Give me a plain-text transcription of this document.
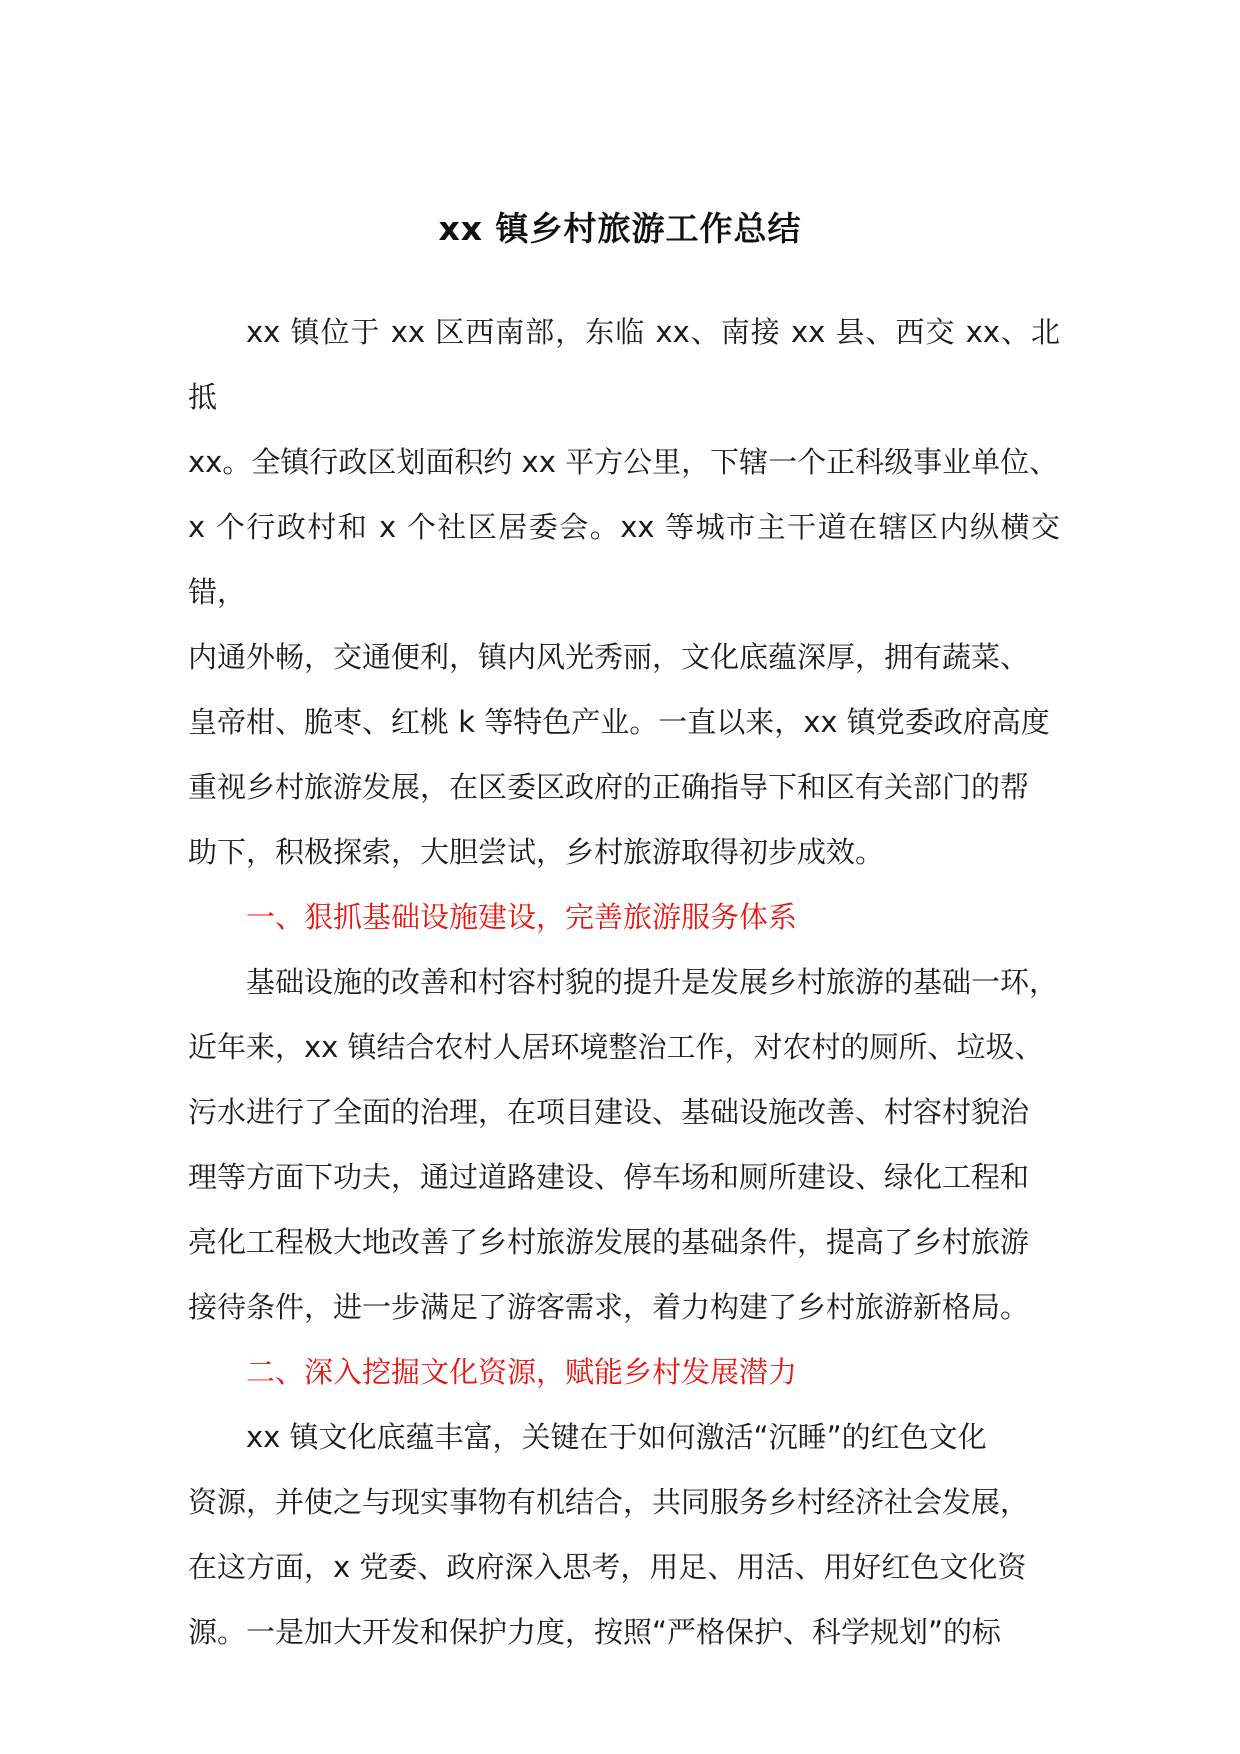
xx 镇乡村旅游工作总结

xx 镇位于 xx 区西南部，东临 xx、南接 xx 县、西交 xx、北抵
xx。全镇行政区划面积约 xx 平方公里，下辖一个正科级事业单位、
x 个行政村和 x 个社区居委会。xx 等城市主干道在辖区内纵横交错，
内通外畅，交通便利，镇内风光秀丽，文化底蕴深厚，拥有蔬菜、
皇帝柑、脆枣、红桃 k 等特色产业。一直以来，xx 镇党委政府高度
重视乡村旅游发展，在区委区政府的正确指导下和区有关部门的帮
助下，积极探索，大胆尝试，乡村旅游取得初步成效。

一、狠抓基础设施建设，完善旅游服务体系

基础设施的改善和村容村貌的提升是发展乡村旅游的基础一环，
近年来，xx 镇结合农村人居环境整治工作，对农村的厕所、垃圾、
污水进行了全面的治理，在项目建设、基础设施改善、村容村貌治
理等方面下功夫，通过道路建设、停车场和厕所建设、绿化工程和
亮化工程极大地改善了乡村旅游发展的基础条件，提高了乡村旅游
接待条件，进一步满足了游客需求，着力构建了乡村旅游新格局。

二、深入挖掘文化资源，赋能乡村发展潜力

xx 镇文化底蕴丰富，关键在于如何激活“沉睡”的红色文化
资源，并使之与现实事物有机结合，共同服务乡村经济社会发展，
在这方面，x 党委、政府深入思考，用足、用活、用好红色文化资
源。一是加大开发和保护力度，按照“严格保护、科学规划”的标
